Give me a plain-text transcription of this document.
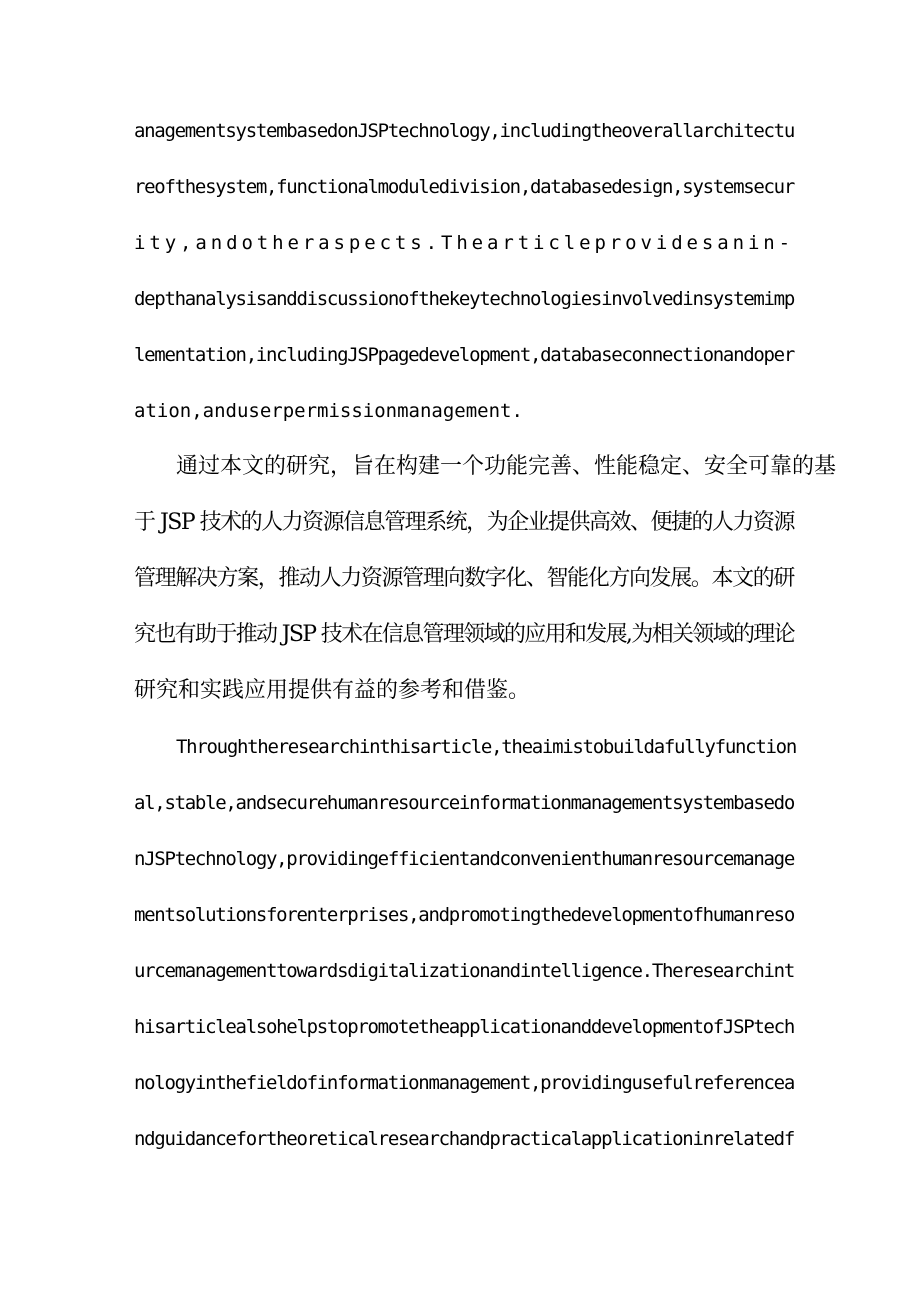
anagementsystembasedonJSPtechnology,includingtheoverallarchitectu
reofthesystem,functionalmoduledivision,databasedesign,systemsecur
ity,andotheraspects.Thearticleprovidesanin-
depthanalysisanddiscussionofthekeytechnologiesinvolvedinsystemimp
lementation,includingJSPpagedevelopment,databaseconnectionandoper
ation,anduserpermissionmanagement.
通过本文的研究，旨在构建一个功能完善、性能稳定、安全可靠的基
于 JSP 技术的人力资源信息管理系统，为企业提供高效、便捷的人力资源
管理解决方案，推动人力资源管理向数字化、智能化方向发展。本文的研
究也有助于推动 JSP 技术在信息管理领域的应用和发展,为相关领域的理论
研究和实践应用提供有益的参考和借鉴。
Throughtheresearchinthisarticle,theaimistobuildafullyfunction
al,stable,andsecurehumanresourceinformationmanagementsystembasedo
nJSPtechnology,providingefficientandconvenienthumanresourcemanage
mentsolutionsforenterprises,andpromotingthedevelopmentofhumanreso
urcemanagementtowardsdigitalizationandintelligence.Theresearchint
hisarticlealsohelpstopromotetheapplicationanddevelopmentofJSPtech
nologyinthefieldofinformationmanagement,providingusefulreferencea
ndguidancefortheoreticalresearchandpracticalapplicationinrelatedf
